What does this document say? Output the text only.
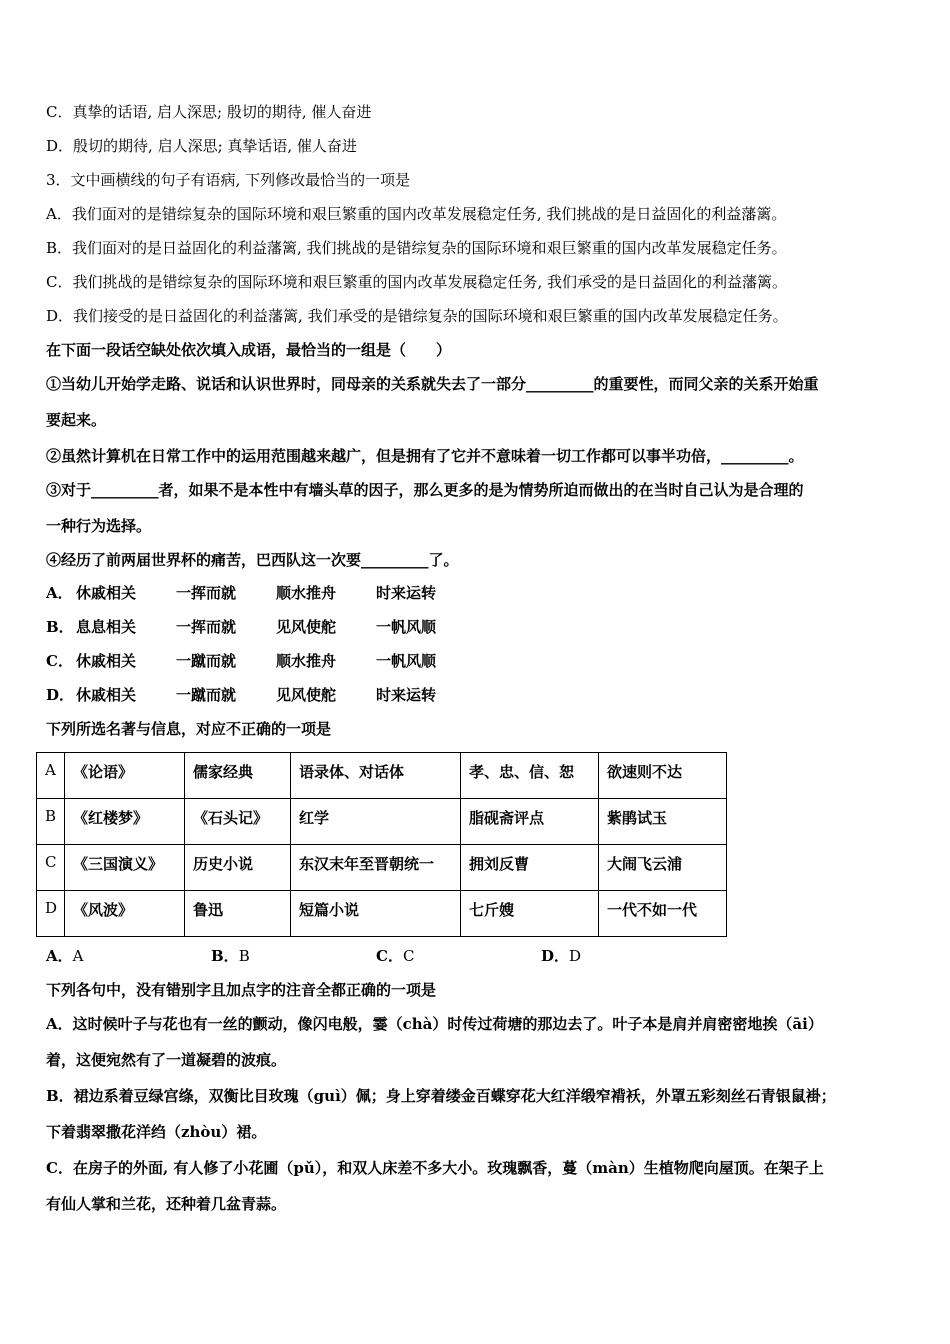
C．真挚的话语, 启人深思; 殷切的期待, 催人奋进
D．殷切的期待, 启人深思; 真挚话语, 催人奋进
3．文中画横线的句子有语病, 下列修改最恰当的一项是
A．我们面对的是错综复杂的国际环境和艰巨繁重的国内改革发展稳定任务, 我们挑战的是日益固化的利益藩篱。
B．我们面对的是日益固化的利益藩篱, 我们挑战的是错综复杂的国际环境和艰巨繁重的国内改革发展稳定任务。
C．我们挑战的是错综复杂的国际环境和艰巨繁重的国内改革发展稳定任务, 我们承受的是日益固化的利益藩篱。
D．我们接受的是日益固化的利益藩篱, 我们承受的是错综复杂的国际环境和艰巨繁重的国内改革发展稳定任务。
在下面一段话空缺处依次填入成语，最恰当的一组是（　　）
①当幼儿开始学走路、说话和认识世界时，同母亲的关系就失去了一部分_________的重要性，而同父亲的关系开始重
要起来。
②虽然计算机在日常工作中的运用范围越来越广，但是拥有了它并不意味着一切工作都可以事半功倍，_________。
③对于_________者，如果不是本性中有墙头草的因子，那么更多的是为情势所迫而做出的在当时自己认为是合理的
一种行为选择。
④经历了前两届世界杯的痛苦，巴西队这一次要_________了。
A． 休戚相关	一挥而就	顺水推舟	时来运转
B． 息息相关	一挥而就	见风使舵	一帆风顺
C． 休戚相关	一蹴而就	顺水推舟	一帆风顺
D． 休戚相关	一蹴而就	见风使舵	时来运转
下列所选名著与信息，对应不正确的一项是
A	《论语》	儒家经典	语录体、对话体	孝、忠、信、恕	欲速则不达
B	《红楼梦》	《石头记》	红学	脂砚斋评点	紫鹃试玉
C	《三国演义》	历史小说	东汉末年至晋朝统一	拥刘反曹	大闹飞云浦
D	《风波》	鲁迅	短篇小说	七斤嫂	一代不如一代
A．A	B．B	C．C	D．D
下列各句中，没有错别字且加点字的注音全都正确的一项是
A．这时候叶子与花也有一丝的颤动，像闪电般，霎（chà）时传过荷塘的那边去了。叶子本是肩并肩密密地挨（āi）
着，这便宛然有了一道凝碧的波痕。
B．裙边系着豆绿宫绦，双衡比目玫瑰（guì）佩；身上穿着缕金百蝶穿花大红洋缎窄褙袄，外罩五彩刻丝石青银鼠褂；
下着翡翠撒花洋绉（zhòu）裙。
C．在房子的外面, 有人修了小花圃（pǔ），和双人床差不多大小。玫瑰飘香，蔓（màn）生植物爬向屋顶。在架子上
有仙人掌和兰花，还种着几盆青蒜。
